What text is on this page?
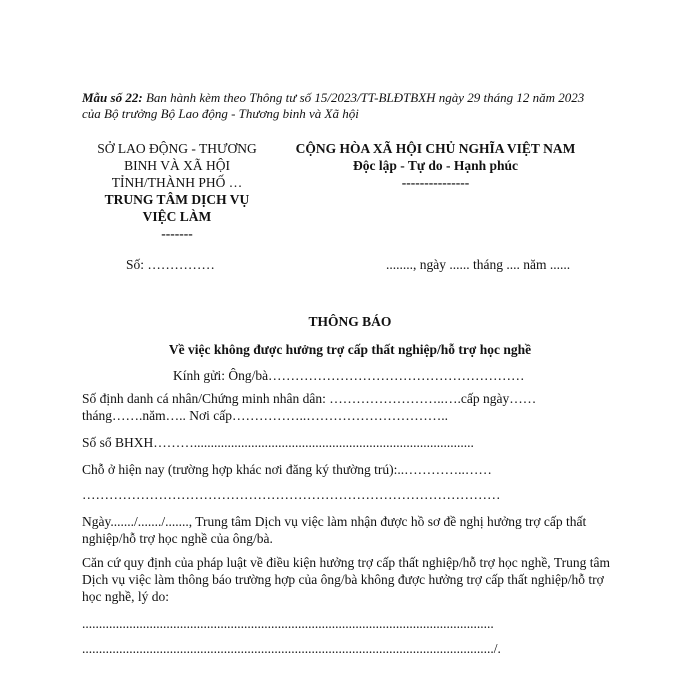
Mẫu số 22: Ban hành kèm theo Thông tư số 15/2023/TT-BLĐTBXH ngày 29 tháng 12 năm 2023
của Bộ trưởng Bộ Lao động - Thương binh và Xã hội
SỞ LAO ĐỘNG - THƯƠNG
BINH VÀ XÃ HỘI
TỈNH/THÀNH PHỐ …
TRUNG TÂM DỊCH VỤ
VIỆC LÀM
-------
CỘNG HÒA XÃ HỘI CHỦ NGHĨA VIỆT NAM
Độc lập - Tự do - Hạnh phúc
---------------
Số: ……………	........, ngày ...... tháng .... năm ......
THÔNG BÁO
Về việc không được hưởng trợ cấp thất nghiệp/hỗ trợ học nghề
Kính gửi: Ông/bà…………………………………………………
Số định danh cá nhân/Chứng minh nhân dân: ……………………..….cấp ngày……
tháng…….năm….. Nơi cấp……………..…………………………..
Số sổ BHXH………...................................................................................
Chỗ ở hiện nay (trường hợp khác nơi đăng ký thường trú):..…………..……
…………………………………………………………………………………
Ngày......./......./......., Trung tâm Dịch vụ việc làm nhận được hồ sơ đề nghị hưởng trợ cấp thất nghiệp/hỗ trợ học nghề của ông/bà.
Căn cứ quy định của pháp luật về điều kiện hưởng trợ cấp thất nghiệp/hỗ trợ học nghề, Trung tâm Dịch vụ việc làm thông báo trường hợp của ông/bà không được hưởng trợ cấp thất nghiệp/hỗ trợ học nghề, lý do:
..........................................................................................................................
........................................................................................................................../.
